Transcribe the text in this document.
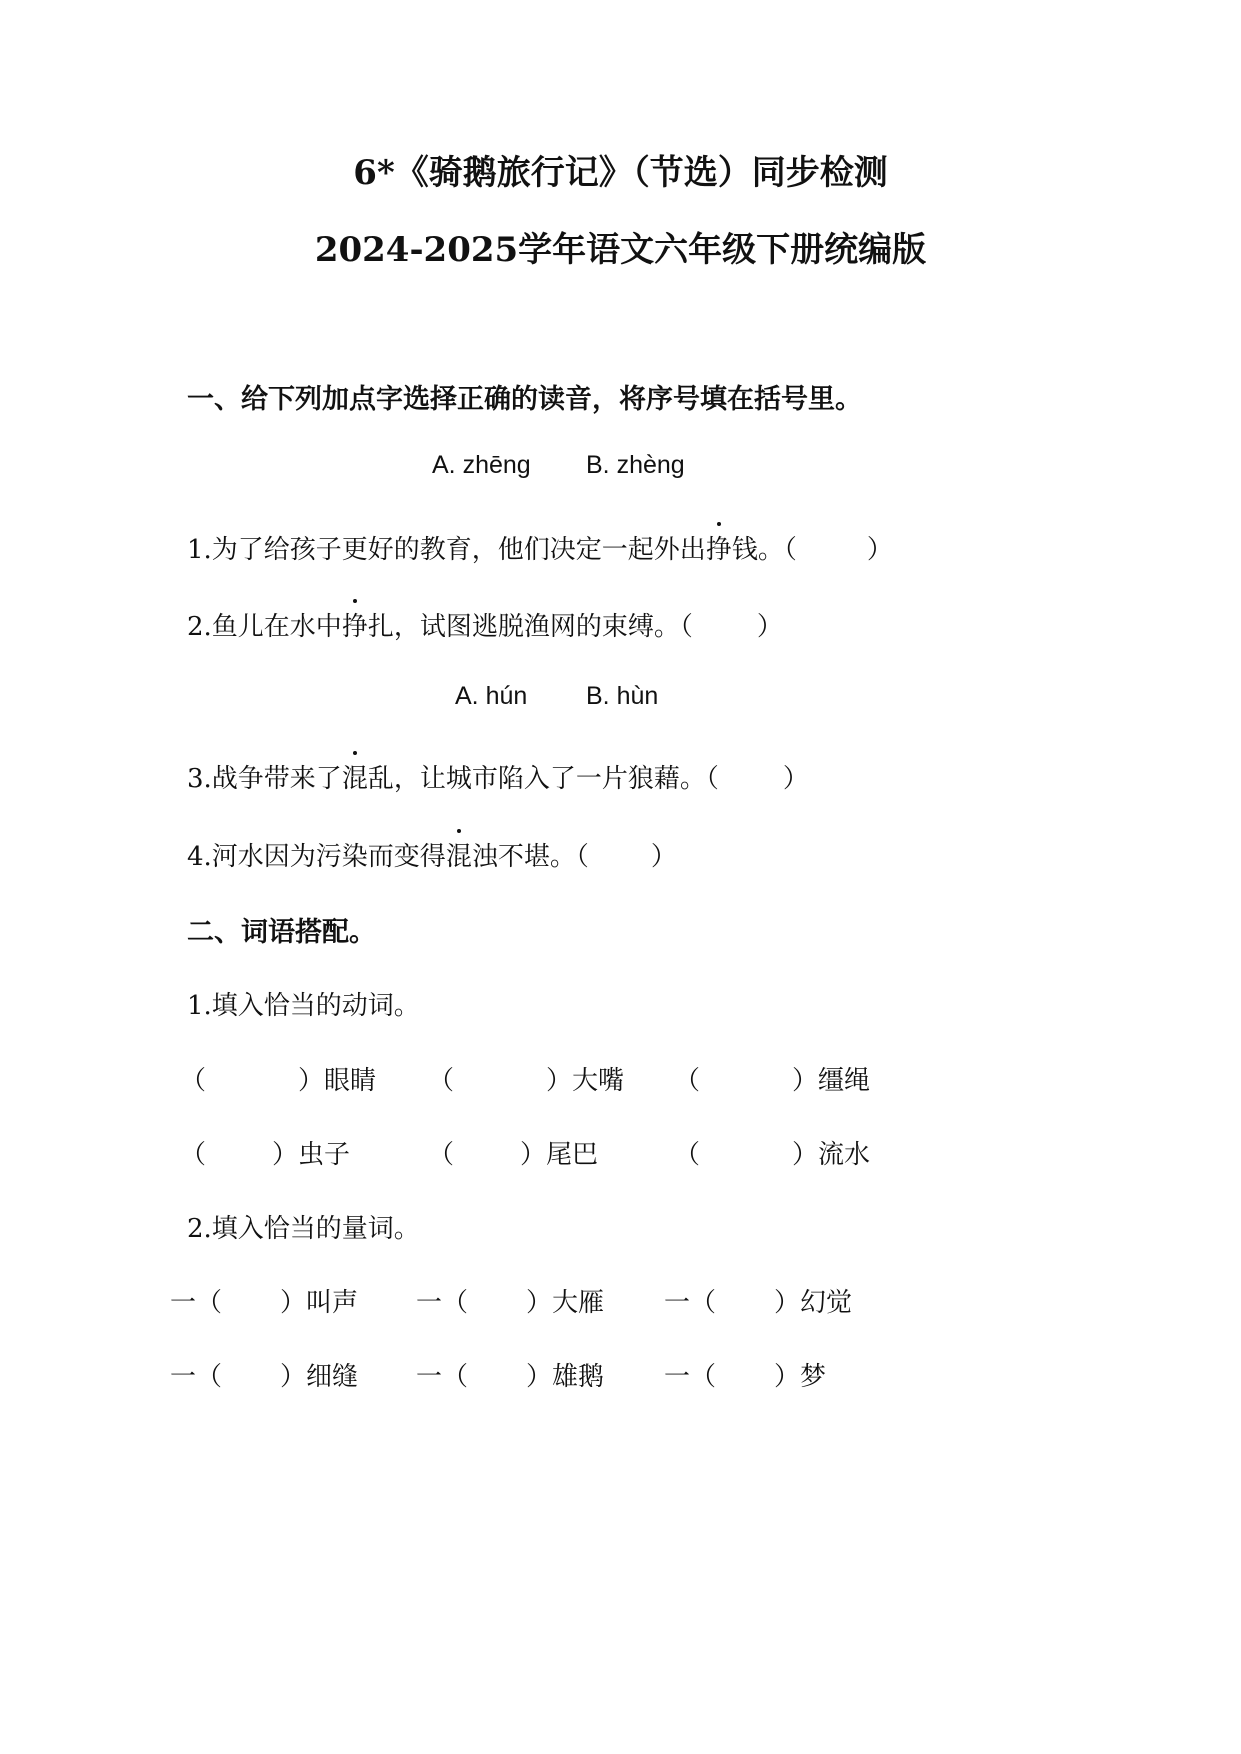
6*《骑鹅旅行记》（节选）同步检测
2024-2025学年语文六年级下册统编版
一、给下列加点字选择正确的读音，将序号填在括号里。
A. zhēng B. zhèng
1.为了给孩子更好的教育，他们决定一起外出挣钱。（	）
2.鱼儿在水中挣扎，试图逃脱渔网的束缚。（ ）
A. hún B. hùn
3.战争带来了混乱，让城市陷入了一片狼藉。（ ）
4.河水因为污染而变得混浊不堪。（ ）
二、词语搭配。
1.填入恰当的动词。
（	）眼睛 （	）大嘴 （	）缰绳
（	）虫子	（	）尾巴	（	）流水
2.填入恰当的量词。
一（ ）叫声 一（ ）大雁 一（ ）幻觉
一（ ）细缝 一（ ）雄鹅 一（ ）梦
